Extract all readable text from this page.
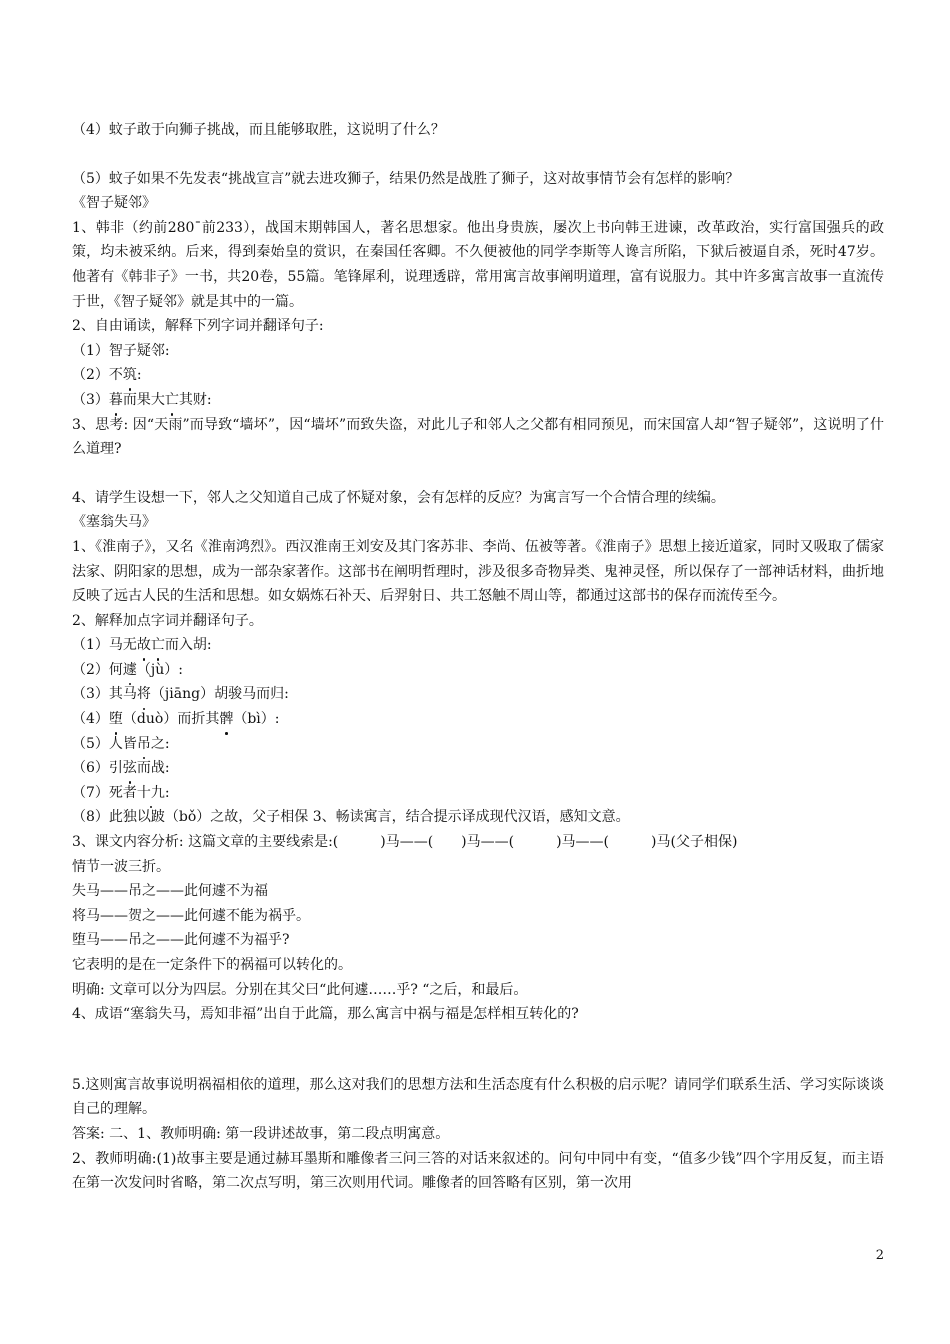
（4）蚊子敢于向狮子挑战，而且能够取胜，这说明了什么？
（5）蚊子如果不先发表“挑战宣言”就去进攻狮子，结果仍然是战胜了狮子，这对故事情节会有怎样的影响？
《智子疑邻》
1、韩非（约前280¯前233），战国末期韩国人，著名思想家。他出身贵族，屡次上书向韩王进谏，改革政治，实行富国强兵的政策，均未被采纳。后来，得到秦始皇的赏识，在秦国任客卿。不久便被他的同学李斯等人谗言所陷，下狱后被逼自杀，死时47岁。他著有《韩非子》一书，共20卷，55篇。笔锋犀利，说理透辟，常用寓言故事阐明道理，富有说服力。其中许多寓言故事一直流传于世，《智子疑邻》就是其中的一篇。
2、自由诵读，解释下列字词并翻译句子:
（1）智子疑邻:
（2）不筑:
（3）暮而果大亡其财:
3、思考: 因“天雨”而导致“墙坏”，因“墙坏”而致失盗，对此儿子和邻人之父都有相同预见，而宋国富人却“智子疑邻”，这说明了什么道理?
4、请学生设想一下，邻人之父知道自己成了怀疑对象，会有怎样的反应？为寓言写一个合情合理的续编。
《塞翁失马》
1、《淮南子》，又名《淮南鸿烈》。西汉淮南王刘安及其门客苏非、李尚、伍被等著。《淮南子》思想上接近道家，同时又吸取了儒家法家、阴阳家的思想，成为一部杂家著作。这部书在阐明哲理时，涉及很多奇物异类、鬼神灵怪，所以保存了一部神话材料，曲折地反映了远古人民的生活和思想。如女娲炼石补天、后羿射日、共工怒触不周山等，都通过这部书的保存而流传至今。
2、解释加点字词并翻译句子。
（1）马无故亡而入胡:
（2）何遽（jù）:
（3）其马将（jiāng）胡骏马而归:
（4）堕（duò）而折其髀（bì）:
（5）人皆吊之:
（6）引弦而战:
（7）死者十九:
（8）此独以跛（bǒ）之故，父子相保 3、畅读寓言，结合提示译成现代汉语，感知文意。
3、课文内容分析: 这篇文章的主要线索是:(　　　)马——(　　)马——(　　　)马——(　　　)马(父子相保)
情节一波三折。
失马——吊之——此何遽不为福
将马——贺之——此何遽不能为祸乎。
堕马——吊之——此何遽不为福乎?
它表明的是在一定条件下的祸福可以转化的。
明确: 文章可以分为四层。分别在其父曰“此何遽……乎? “之后，和最后。
4、成语“塞翁失马，焉知非福”出自于此篇，那么寓言中祸与福是怎样相互转化的?
5.这则寓言故事说明祸福相依的道理，那么这对我们的思想方法和生活态度有什么积极的启示呢？请同学们联系生活、学习实际谈谈自己的理解。
答案: 二、1、教师明确: 第一段讲述故事，第二段点明寓意。
2、教师明确:(1)故事主要是通过赫耳墨斯和雕像者三问三答的对话来叙述的。问句中同中有变，“值多少钱”四个字用反复，而主语在第一次发问时省略，第二次点写明，第三次则用代词。雕像者的回答略有区别，第一次用
2
